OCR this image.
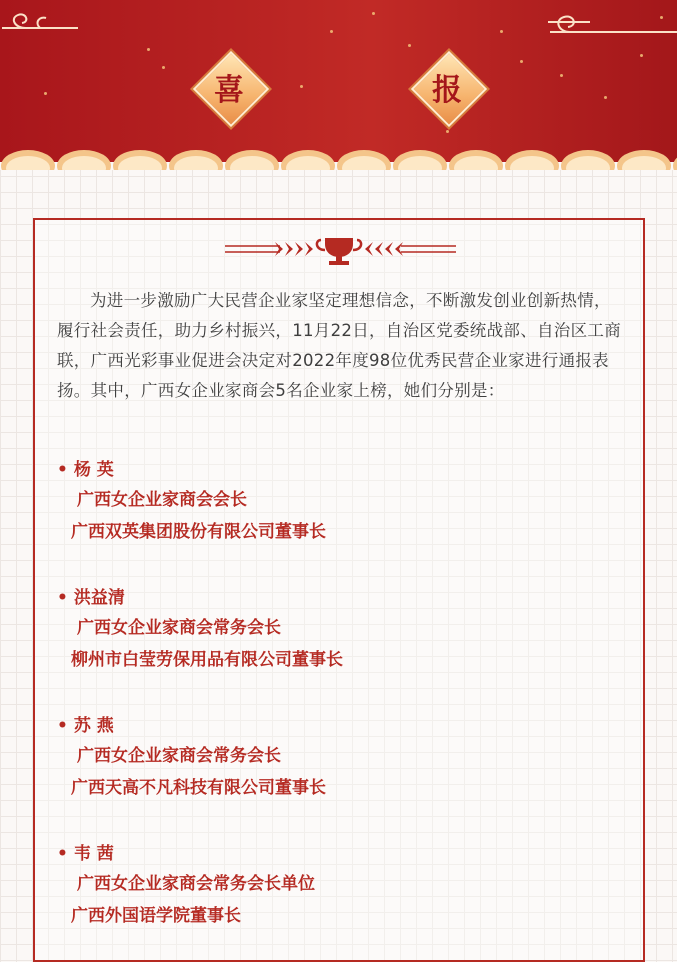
喜	报

为进一步激励广大民营企业家坚定理想信念，不断激发创业创新热情，履行社会责任，助力乡村振兴，11月22日，自治区党委统战部、自治区工商联，广西光彩事业促进会决定对2022年度98位优秀民营企业家进行通报表扬。其中，广西女企业家商会5名企业家上榜，她们分别是：

• 杨 英
广西女企业家商会会长
广西双英集团股份有限公司董事长
• 洪益清
广西女企业家商会常务会长
柳州市白莹劳保用品有限公司董事长
• 苏 燕
广西女企业家商会常务会长
广西天高不凡科技有限公司董事长
• 韦 茜
广西女企业家商会常务会长单位
广西外国语学院董事长
